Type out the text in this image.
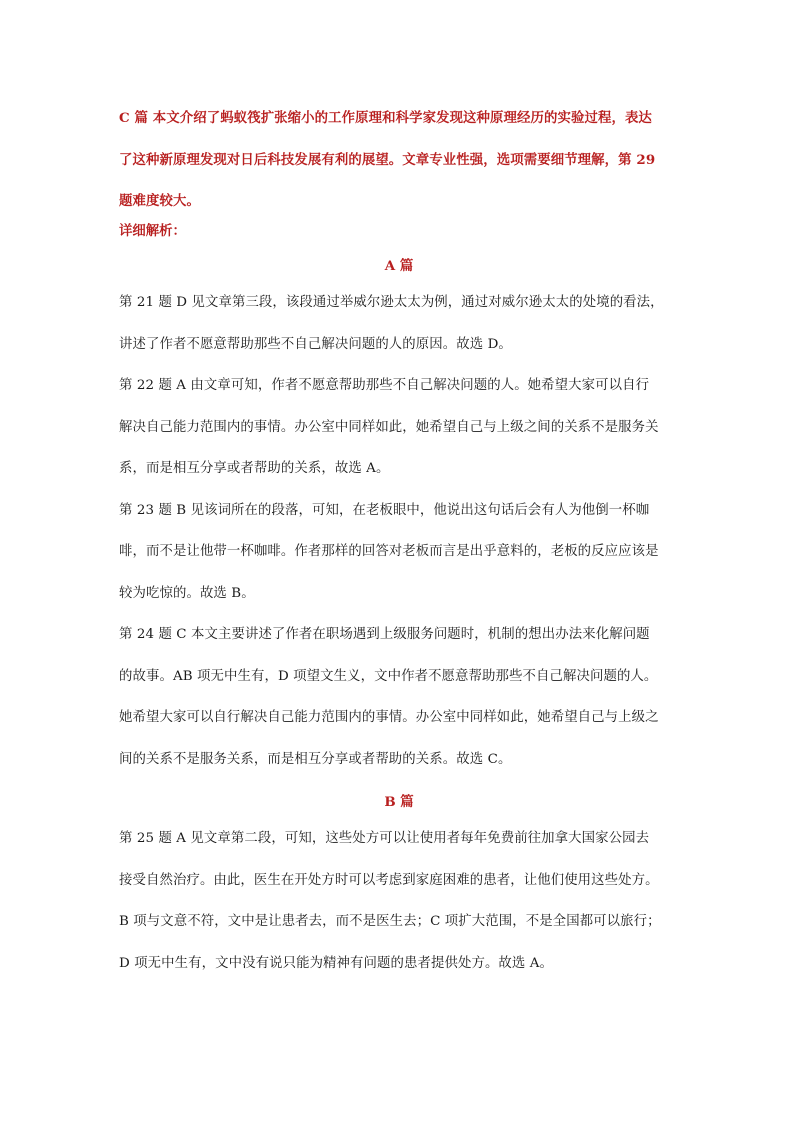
C 篇 本文介绍了蚂蚁筏扩张缩小的工作原理和科学家发现这种原理经历的实验过程，表达
了这种新原理发现对日后科技发展有利的展望。文章专业性强，选项需要细节理解，第 29
题难度较大。
详细解析：
A 篇
第 21 题 D 见文章第三段，该段通过举威尔逊太太为例，通过对威尔逊太太的处境的看法，
讲述了作者不愿意帮助那些不自己解决问题的人的原因。故选 D。
第 22 题 A 由文章可知，作者不愿意帮助那些不自己解决问题的人。她希望大家可以自行
解决自己能力范围内的事情。办公室中同样如此，她希望自己与上级之间的关系不是服务关
系，而是相互分享或者帮助的关系，故选 A。
第 23 题 B 见该词所在的段落，可知，在老板眼中，他说出这句话后会有人为他倒一杯咖
啡，而不是让他带一杯咖啡。作者那样的回答对老板而言是出乎意料的，老板的反应应该是
较为吃惊的。故选 B。
第 24 题 C 本文主要讲述了作者在职场遇到上级服务问题时，机制的想出办法来化解问题
的故事。AB 项无中生有，D 项望文生义，文中作者不愿意帮助那些不自己解决问题的人。
她希望大家可以自行解决自己能力范围内的事情。办公室中同样如此，她希望自己与上级之
间的关系不是服务关系，而是相互分享或者帮助的关系。故选 C。
B 篇
第 25 题 A 见文章第二段，可知，这些处方可以让使用者每年免费前往加拿大国家公园去
接受自然治疗。由此，医生在开处方时可以考虑到家庭困难的患者，让他们使用这些处方。
B 项与文意不符，文中是让患者去，而不是医生去；C 项扩大范围，不是全国都可以旅行；
D 项无中生有，文中没有说只能为精神有问题的患者提供处方。故选 A。
